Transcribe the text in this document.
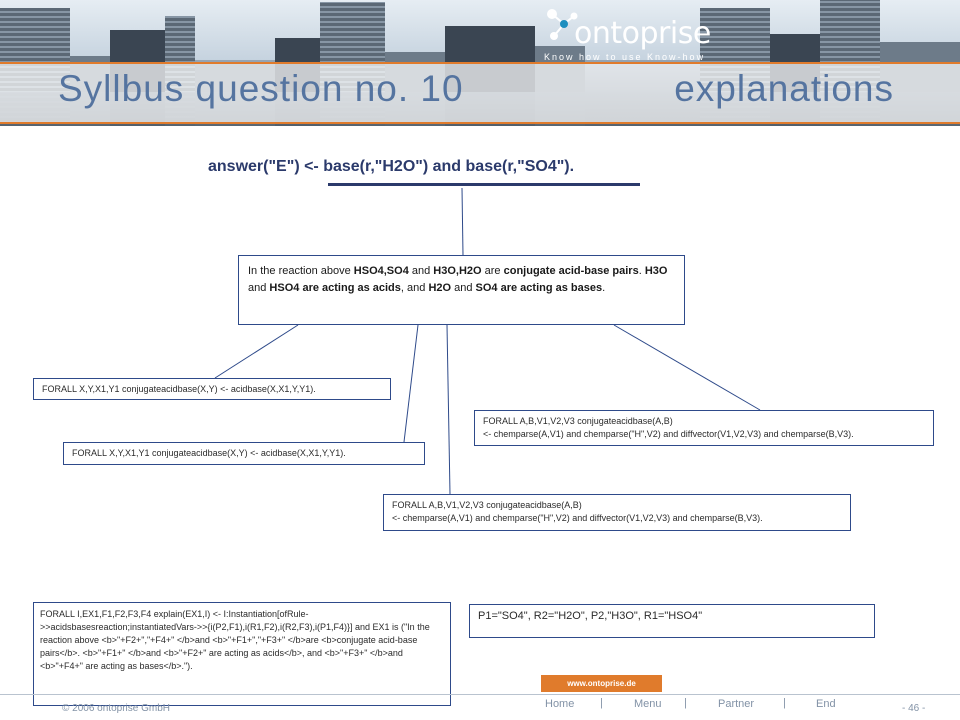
ontoprise
Know how to use Know-how
Syllbus question no. 10	explanations
answer("E") <- base(r,"H2O") and base(r,"SO4").
In the reaction above HSO4,SO4 and H3O,H2O are conjugate acid-base pairs. H3O and HSO4 are acting as acids, and H2O and SO4 are acting as bases.
FORALL X,Y,X1,Y1 conjugateacidbase(X,Y) <- acidbase(X,X1,Y,Y1).
FORALL X,Y,X1,Y1 conjugateacidbase(X,Y) <- acidbase(X,X1,Y,Y1).
FORALL A,B,V1,V2,V3 conjugateacidbase(A,B)
<- chemparse(A,V1) and chemparse("H",V2) and diffvector(V1,V2,V3) and chemparse(B,V3).
FORALL A,B,V1,V2,V3 conjugateacidbase(A,B)
<- chemparse(A,V1) and chemparse("H",V2) and diffvector(V1,V2,V3) and chemparse(B,V3).

FORALL I,EX1,F1,F2,F3,F4 explain(EX1,I) <- I:Instantiation[ofRule->>acidsbasesreaction;instantiatedVars->>{i(P2,F1),i(R1,F2),i(R2,F3),i(P1,F4)}] and EX1 is ("In the reaction above <b>"+F2+","+F4+" </b>and <b>"+F1+","+F3+" </b>are <b>conjugate acid-base pairs</b>. <b>"+F1+" </b>and <b>"+F2+" are acting as acids</b>, and <b>"+F3+" </b>and <b>"+F4+" are acting as bases</b>.").

P1="SO4", R2="H2O", P2,"H3O", R1="HSO4"
www.ontoprise.de
© 2006 ontoprise GmbH	Home |	Menu |	Partner	|	End	- 46 -
